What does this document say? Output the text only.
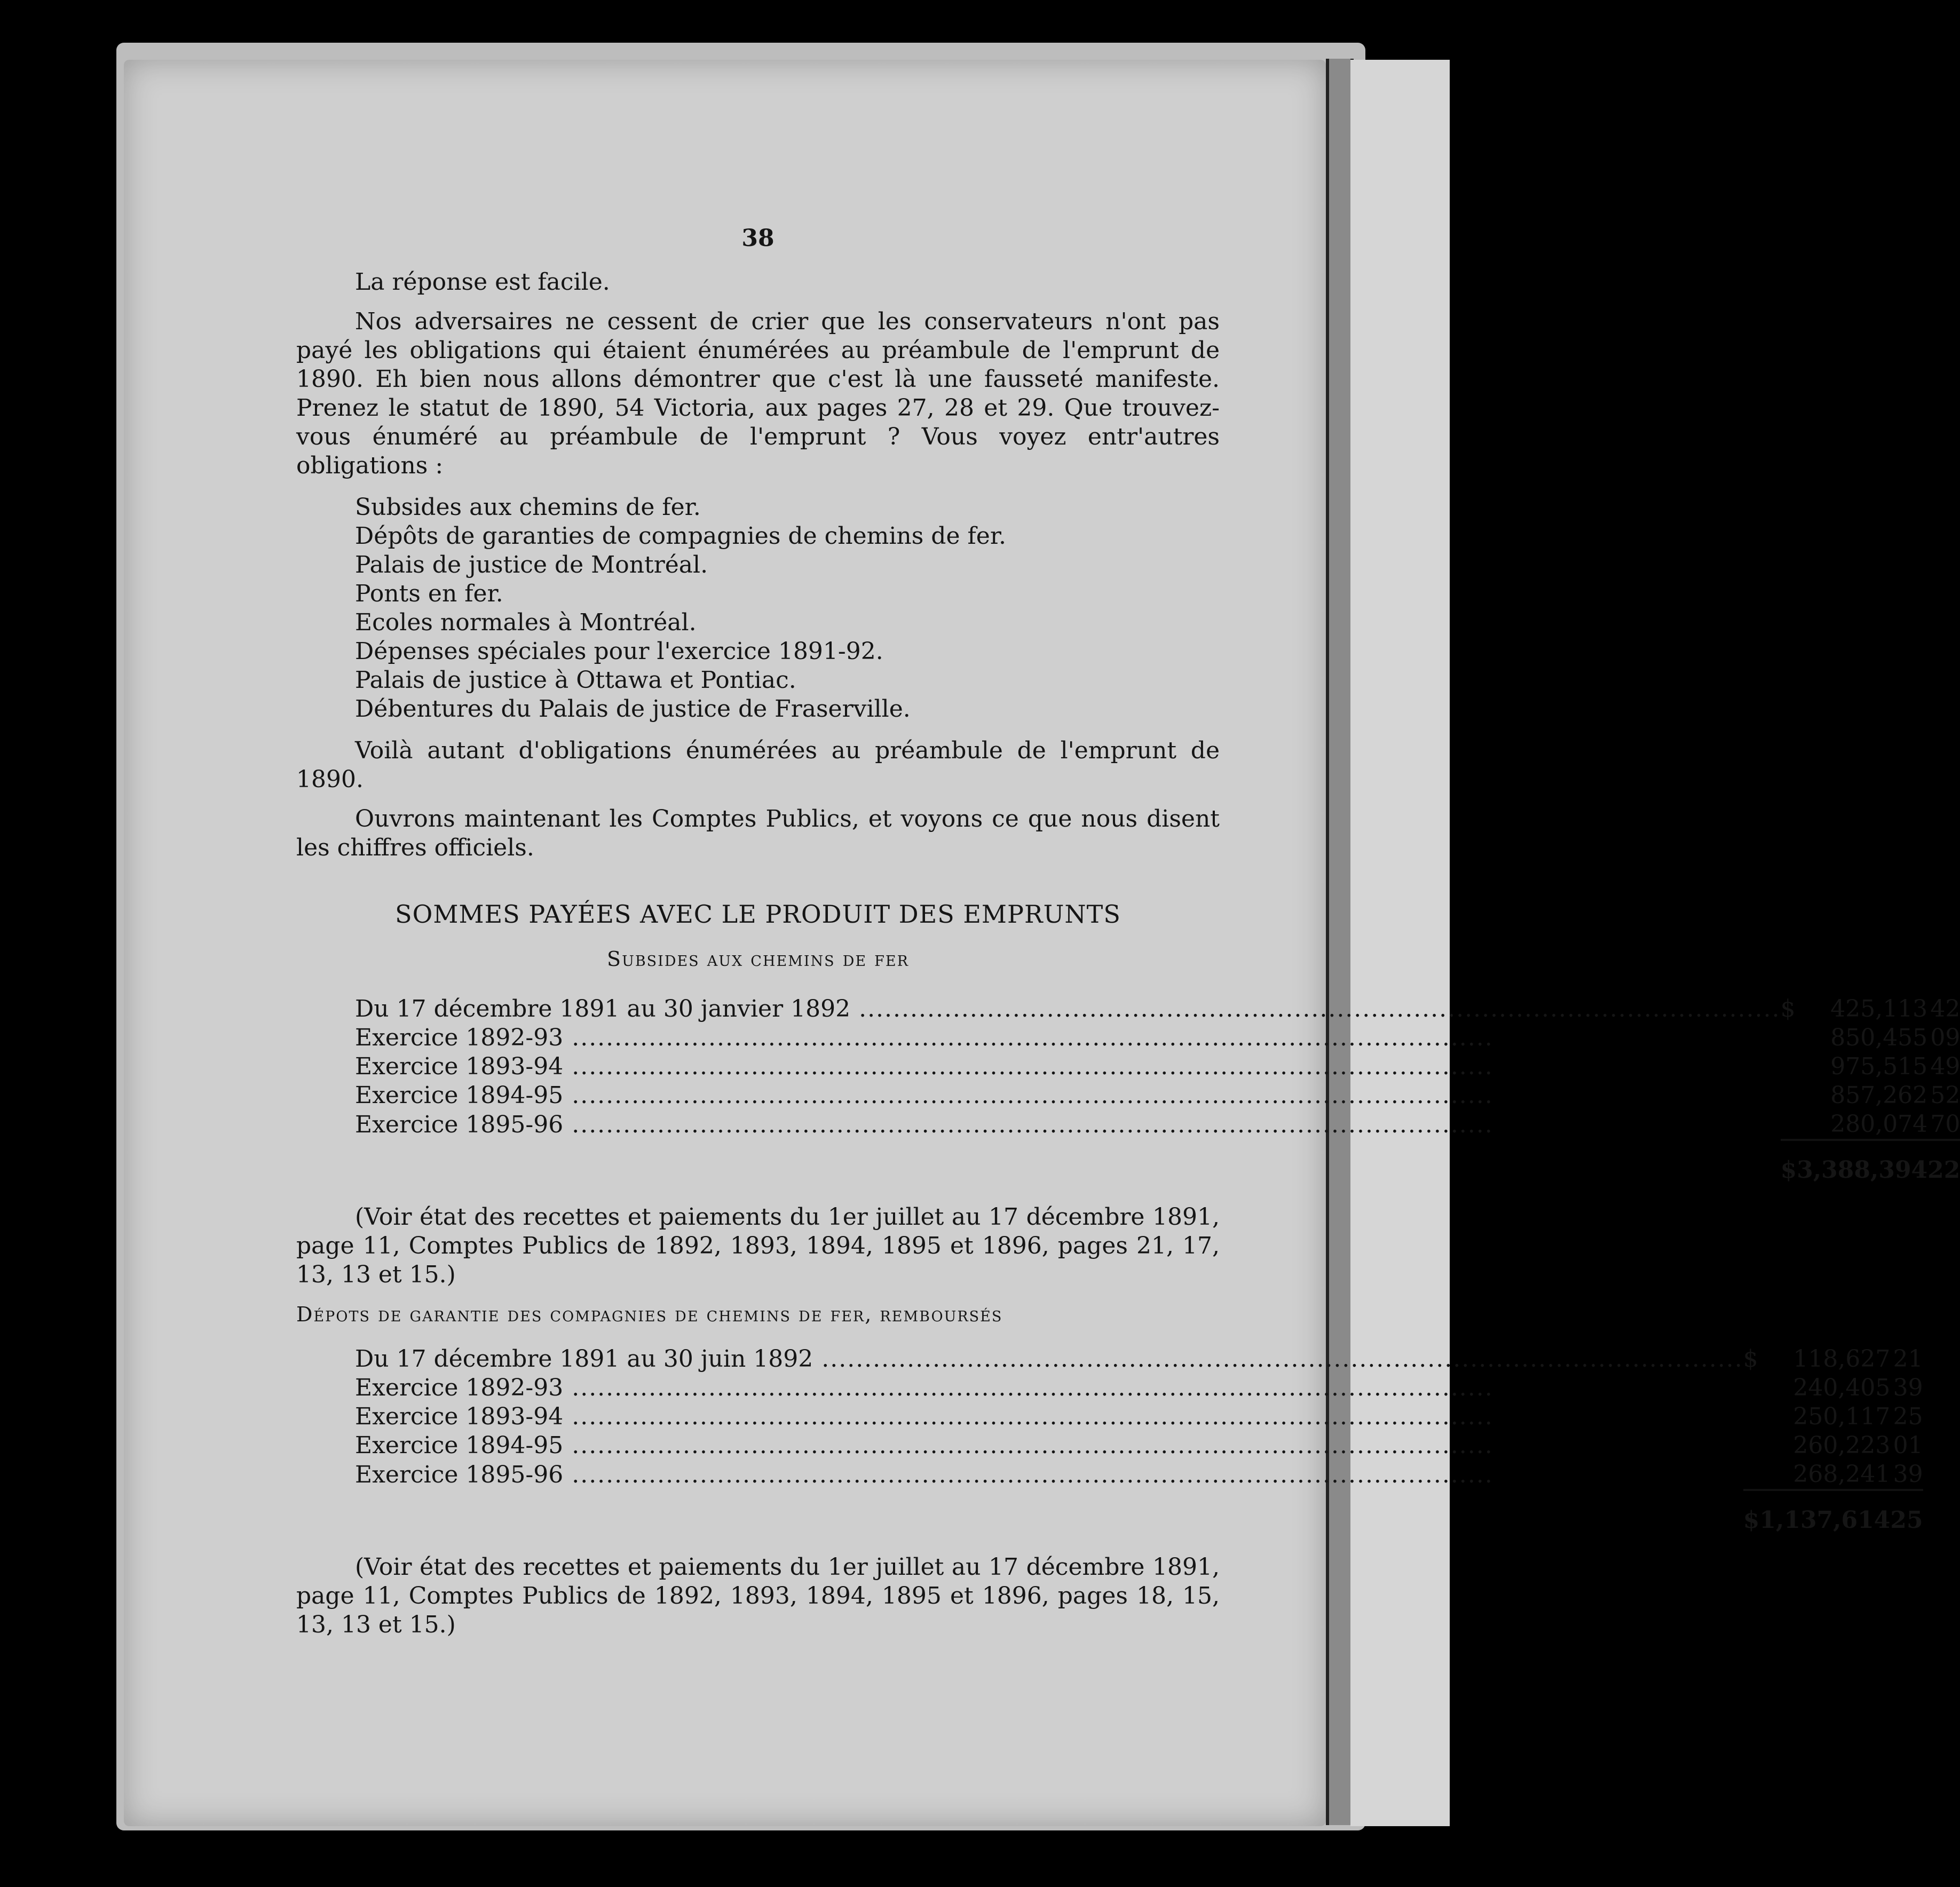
38

La réponse est facile.

Nos adversaires ne cessent de crier que les conservateurs n'ont pas payé les obligations qui étaient énumérées au préambule de l'emprunt de 1890. Eh bien nous allons démontrer que c'est là une fausseté manifeste. Prenez le statut de 1890, 54 Victoria, aux pages 27, 28 et 29. Que trouvez-vous énuméré au préambule de l'emprunt ? Vous voyez entr'autres obligations :

Subsides aux chemins de fer.
Dépôts de garanties de compagnies de chemins de fer.
Palais de justice de Montréal.
Ponts en fer.
Ecoles normales à Montréal.
Dépenses spéciales pour l'exercice 1891-92.
Palais de justice à Ottawa et Pontiac.
Débentures du Palais de justice de Fraserville.

Voilà autant d'obligations énumérées au préambule de l'emprunt de 1890.

Ouvrons maintenant les Comptes Publics, et voyons ce que nous disent les chiffres officiels.

SOMMES PAYÉES AVEC LE PRODUIT DES EMPRUNTS
Subsides aux chemins de fer
Du 17 décembre 1891 au 30 janvier 1892 .....	$	425,113	42
Exercice 1892-93 .....		850,455	09
Exercice 1893-94 .....		975,515	49
Exercice 1894-95 .....		857,262	52
Exercice 1895-96 .....		280,074	70

	$3,388,394		22

(Voir état des recettes et paiements du 1er juillet au 17 décembre 1891, page 11, Comptes Publics de 1892, 1893, 1894, 1895 et 1896, pages 21, 17, 13, 13 et 15.)

Dépots de garantie des compagnies de chemins de fer, remboursés
Du 17 décembre 1891 au 30 juin 1892 .....	$	118,627	21
Exercice 1892-93 .....		240,405	39
Exercice 1893-94 .....		250,117	25
Exercice 1894-95 .....		260,223	01
Exercice 1895-96 .....		268,241	39

	$1,137,614		25

(Voir état des recettes et paiements du 1er juillet au 17 décembre 1891, page 11, Comptes Publics de 1892, 1893, 1894, 1895 et 1896, pages 18, 15, 13, 13 et 15.)
